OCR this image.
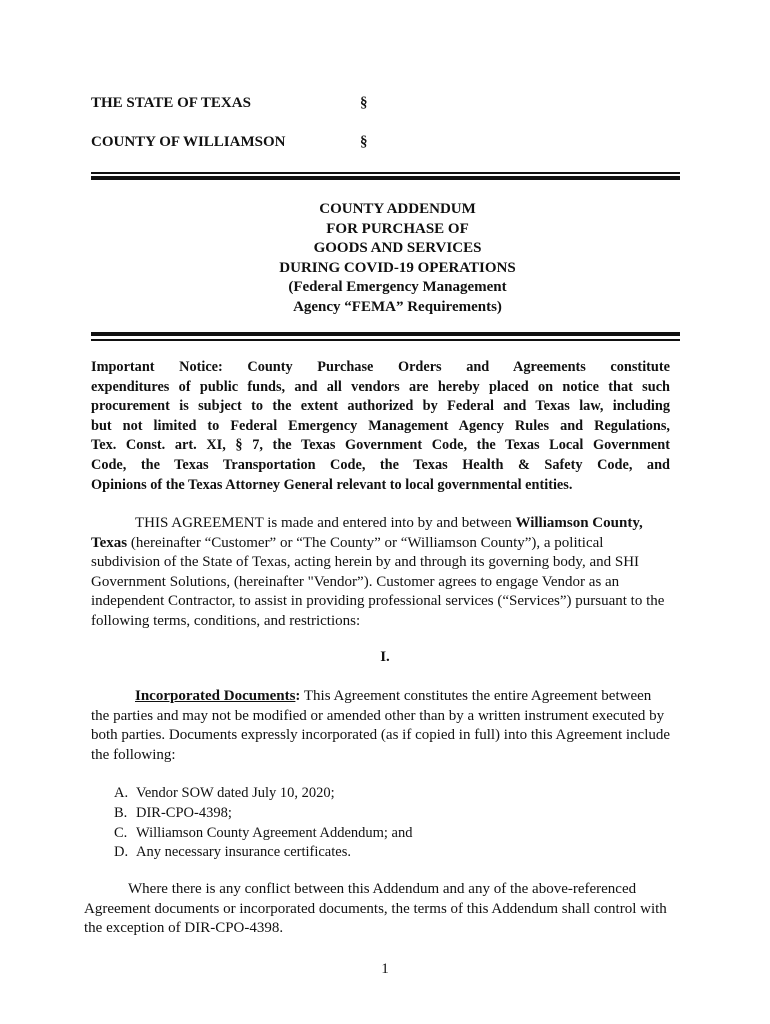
THE STATE OF TEXAS	§
COUNTY OF WILLIAMSON	§
COUNTY ADDENDUM
FOR PURCHASE OF
GOODS AND SERVICES
DURING COVID-19 OPERATIONS
(Federal Emergency Management
Agency “FEMA” Requirements)
Important Notice: County Purchase Orders and Agreements constitute
expenditures of public funds, and all vendors are hereby placed on notice that such
procurement is subject to the extent authorized by Federal and Texas law, including
but not limited to Federal Emergency Management Agency Rules and Regulations,
Tex. Const. art. XI, § 7, the Texas Government Code, the Texas Local Government
Code, the Texas Transportation Code, the Texas Health & Safety Code, and
Opinions of the Texas Attorney General relevant to local governmental entities.
THIS AGREEMENT is made and entered into by and between Williamson County, Texas (hereinafter “Customer” or “The County” or “Williamson County”), a political subdivision of the State of Texas, acting herein by and through its governing body, and SHI Government Solutions, (hereinafter "Vendor”). Customer agrees to engage Vendor as an independent Contractor, to assist in providing professional services (“Services”) pursuant to the following terms, conditions, and restrictions:
I.
Incorporated Documents: This Agreement constitutes the entire Agreement between the parties and may not be modified or amended other than by a written instrument executed by both parties. Documents expressly incorporated (as if copied in full) into this Agreement include the following:
A. Vendor SOW dated July 10, 2020;
B. DIR-CPO-4398;
C. Williamson County Agreement Addendum; and
D. Any necessary insurance certificates.
Where there is any conflict between this Addendum and any of the above-referenced Agreement documents or incorporated documents, the terms of this Addendum shall control with the exception of DIR-CPO-4398.
1
